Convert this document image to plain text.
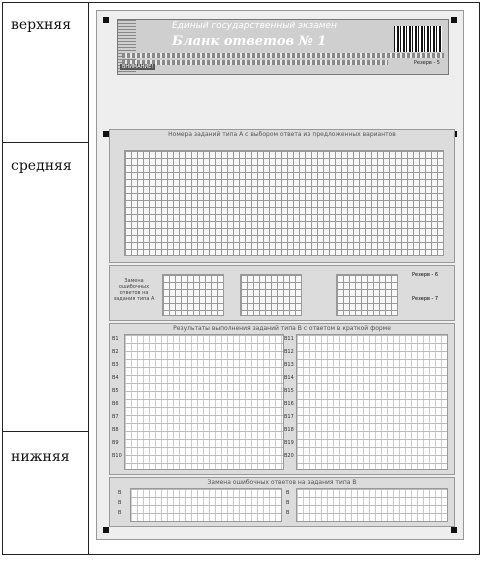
верхняя
средняя
нижняя
Единый государственный экзамен
Бланк ответов № 1
ВНИМАНИЕ!
Резерв - 5
Номера заданий типа А с выбором ответа из предложенных вариантов
Замена ошибочных ответов на задания типа А
Резерв - 6
Резерв - 7
Результаты выполнения заданий типа В с ответом в краткой форме
B1
B2
B3
B4
B5
B6
B7
B8
B9
B10
B11
B12
B13
B14
B15
B16
B17
B18
B19
B20
Замена ошибочных ответов на задания типа В
B	B
B	B
B	B
